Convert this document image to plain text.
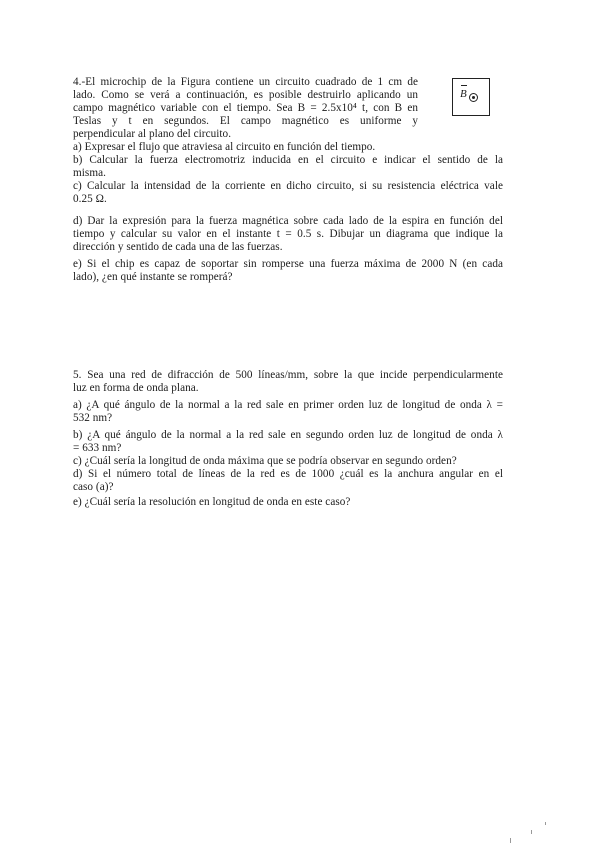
4.-El microchip de la Figura contiene un circuito cuadrado de 1 cm de
lado. Como se verá a continuación, es posible destruirlo aplicando un
campo magnético variable con el tiempo. Sea B = 2.5x10⁴ t, con B en
Teslas y t en segundos. El campo magnético es uniforme y
perpendicular al plano del circuito.
a) Expresar el flujo que atraviesa al circuito en función del tiempo.
b) Calcular la fuerza electromotriz inducida en el circuito e indicar el sentido de la
misma.
c) Calcular la intensidad de la corriente en dicho circuito, si su resistencia eléctrica vale
0.25 Ω.
d) Dar la expresión para la fuerza magnética sobre cada lado de la espira en función del
tiempo y calcular su valor en el instante t = 0.5 s. Dibujar un diagrama que indique la
dirección y sentido de cada una de las fuerzas.
e) Si el chip es capaz de soportar sin romperse una fuerza máxima de 2000 N (en cada
lado), ¿en qué instante se romperá?
B
5. Sea una red de difracción de 500 líneas/mm, sobre la que incide perpendicularmente
luz en forma de onda plana.
a) ¿A qué ángulo de la normal a la red sale en primer orden luz de longitud de onda λ =
532 nm?
b) ¿A qué ángulo de la normal a la red sale en segundo orden luz de longitud de onda λ
= 633 nm?
c) ¿Cuál sería la longitud de onda máxima que se podría observar en segundo orden?
d) Si el número total de líneas de la red es de 1000 ¿cuál es la anchura angular en el
caso (a)?
e) ¿Cuál sería la resolución en longitud de onda en este caso?
